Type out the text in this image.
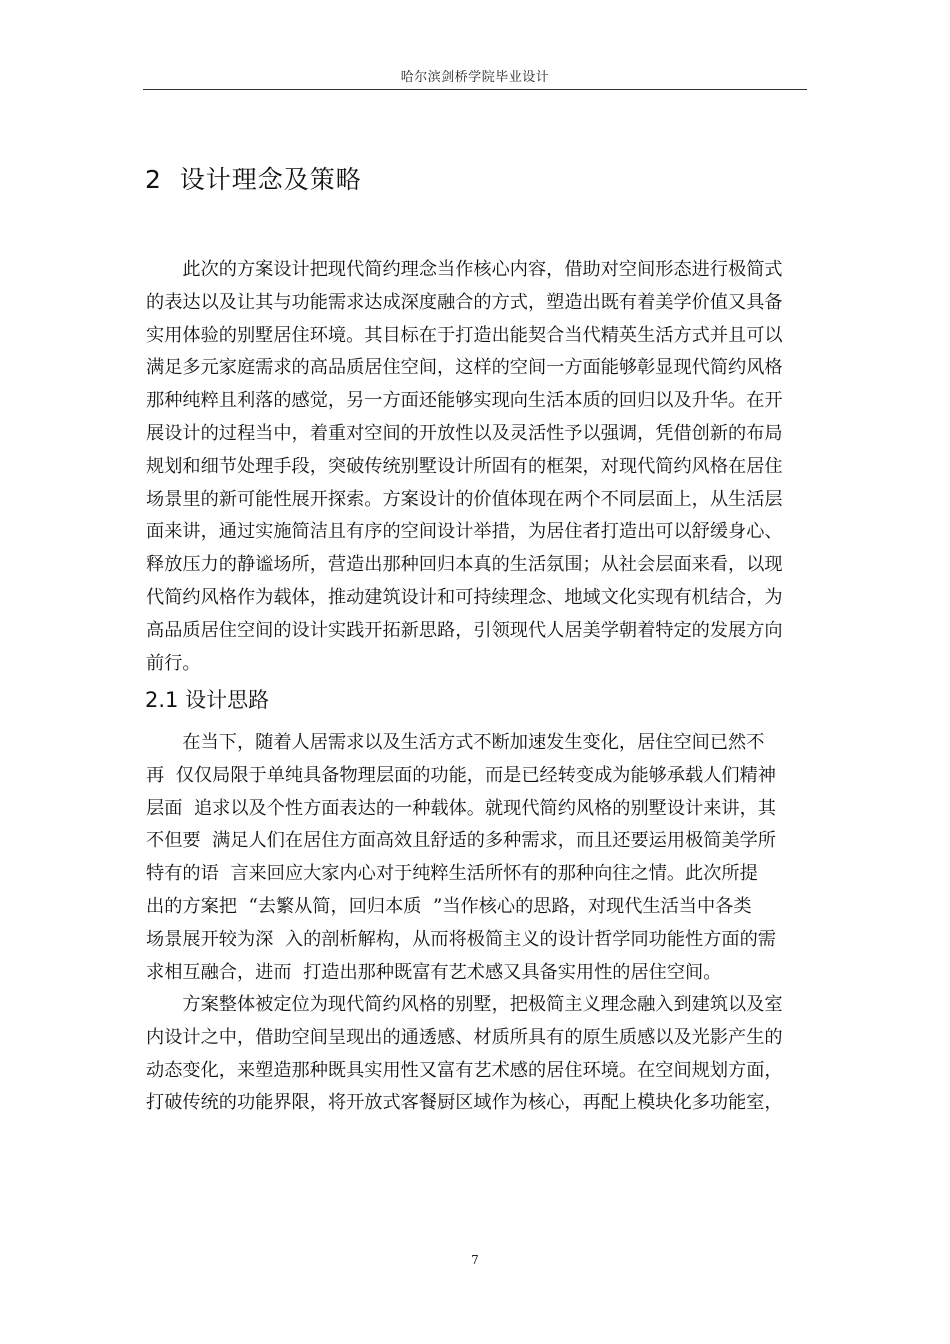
哈尔滨剑桥学院毕业设计
2  设计理念及策略
　　此次的方案设计把现代简约理念当作核心内容，借助对空间形态进行极简式
的表达以及让其与功能需求达成深度融合的方式，塑造出既有着美学价值又具备
实用体验的别墅居住环境。其目标在于打造出能契合当代精英生活方式并且可以
满足多元家庭需求的高品质居住空间，这样的空间一方面能够彰显现代简约风格
那种纯粹且利落的感觉，另一方面还能够实现向生活本质的回归以及升华。在开
展设计的过程当中，着重对空间的开放性以及灵活性予以强调，凭借创新的布局
规划和细节处理手段，突破传统别墅设计所固有的框架，对现代简约风格在居住
场景里的新可能性展开探索。方案设计的价值体现在两个不同层面上，从生活层
面来讲，通过实施简洁且有序的空间设计举措，为居住者打造出可以舒缓身心、
释放压力的静谧场所，营造出那种回归本真的生活氛围；从社会层面来看，以现
代简约风格作为载体，推动建筑设计和可持续理念、地域文化实现有机结合，为
高品质居住空间的设计实践开拓新思路，引领现代人居美学朝着特定的发展方向
前行。
2.1 设计思路
　　在当下，随着人居需求以及生活方式不断加速发生变化，居住空间已然不
再  仅仅局限于单纯具备物理层面的功能，而是已经转变成为能够承载人们精神
层面  追求以及个性方面表达的一种载体。就现代简约风格的别墅设计来讲，其
不但要  满足人们在居住方面高效且舒适的多种需求，而且还要运用极简美学所
特有的语  言来回应大家内心对于纯粹生活所怀有的那种向往之情。此次所提
出的方案把  “去繁从简，回归本质  ”当作核心的思路，对现代生活当中各类
场景展开较为深  入的剖析解构，从而将极简主义的设计哲学同功能性方面的需
求相互融合，进而  打造出那种既富有艺术感又具备实用性的居住空间。
　　方案整体被定位为现代简约风格的别墅，把极简主义理念融入到建筑以及室
内设计之中，借助空间呈现出的通透感、材质所具有的原生质感以及光影产生的
动态变化，来塑造那种既具实用性又富有艺术感的居住环境。在空间规划方面，
打破传统的功能界限，将开放式客餐厨区域作为核心，再配上模块化多功能室，
7
